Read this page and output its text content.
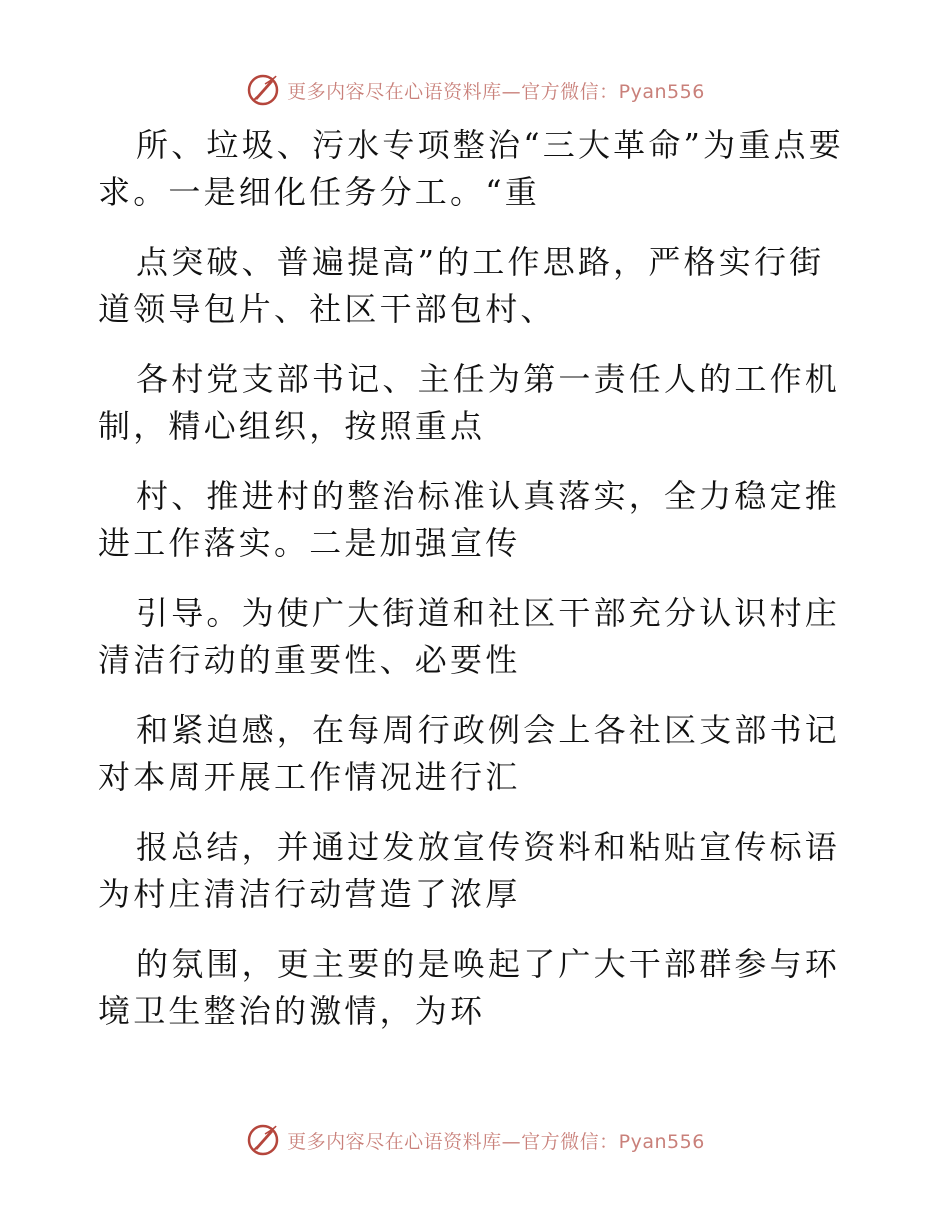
更多内容尽在心语资料库—官方微信：Pyan556

所、垃圾、污水专项整治“三大革命”为重点要求。一是细化任务分工。“重

点突破、普遍提高”的工作思路，严格实行街道领导包片、社区干部包村、

各村党支部书记、主任为第一责任人的工作机制，精心组织，按照重点

村、推进村的整治标准认真落实，全力稳定推进工作落实。二是加强宣传

引导。为使广大街道和社区干部充分认识村庄清洁行动的重要性、必要性

和紧迫感，在每周行政例会上各社区支部书记对本周开展工作情况进行汇

报总结，并通过发放宣传资料和粘贴宣传标语为村庄清洁行动营造了浓厚

的氛围，更主要的是唤起了广大干部群参与环境卫生整治的激情，为环

更多内容尽在心语资料库—官方微信：Pyan556
